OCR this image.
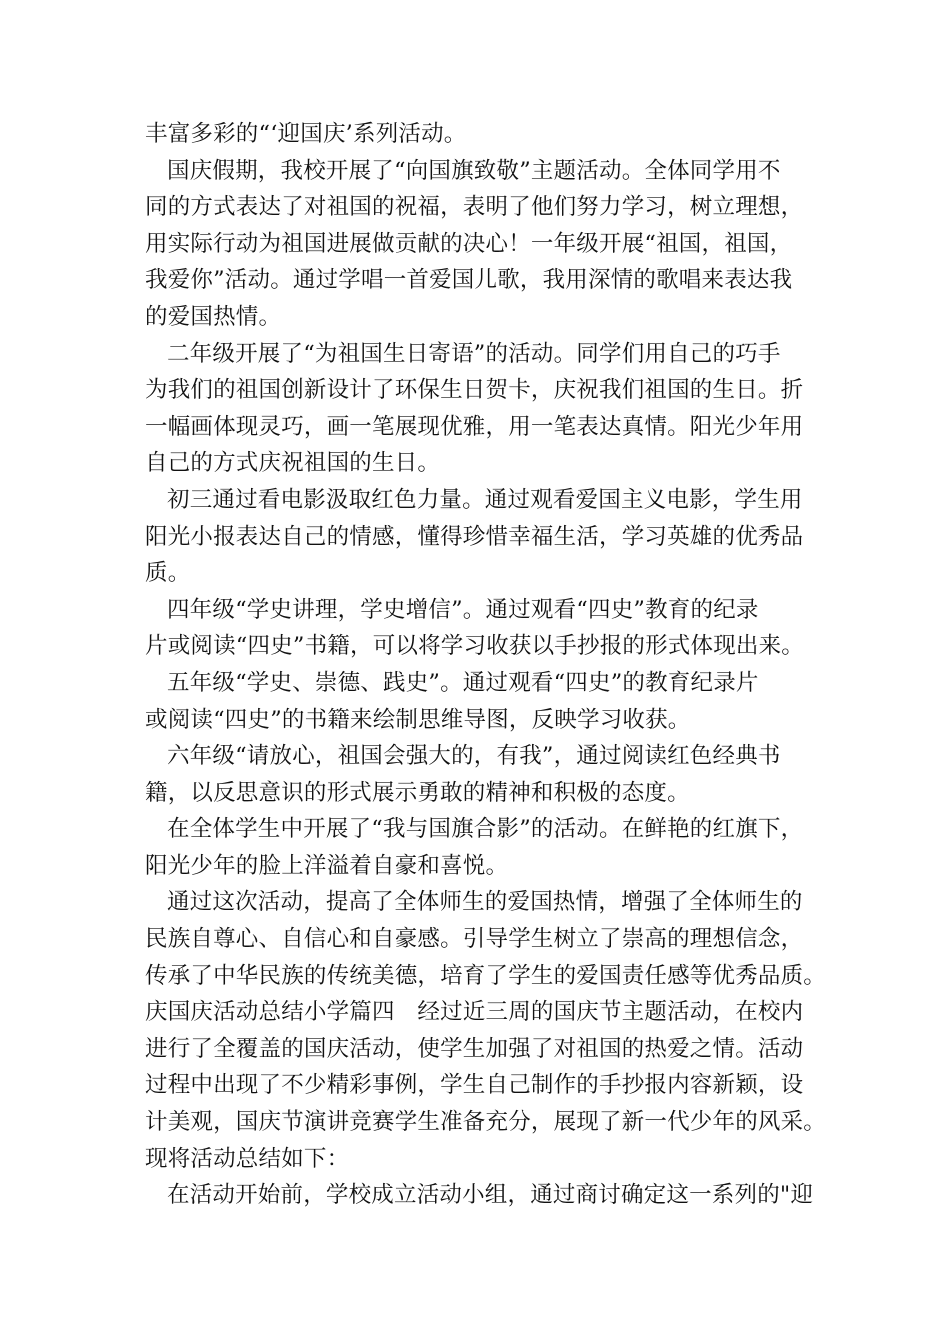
丰富多彩的“‘迎国庆’系列活动。
国庆假期，我校开展了“向国旗致敬”主题活动。全体同学用不
同的方式表达了对祖国的祝福，表明了他们努力学习，树立理想，
用实际行动为祖国进展做贡献的决心！一年级开展“祖国，祖国，
我爱你”活动。通过学唱一首爱国儿歌，我用深情的歌唱来表达我
的爱国热情。
二年级开展了“为祖国生日寄语”的活动。同学们用自己的巧手
为我们的祖国创新设计了环保生日贺卡，庆祝我们祖国的生日。折
一幅画体现灵巧，画一笔展现优雅，用一笔表达真情。阳光少年用
自己的方式庆祝祖国的生日。
初三通过看电影汲取红色力量。通过观看爱国主义电影，学生用
阳光小报表达自己的情感，懂得珍惜幸福生活，学习英雄的优秀品
质。
四年级“学史讲理，学史增信”。通过观看“四史”教育的纪录
片或阅读“四史”书籍，可以将学习收获以手抄报的形式体现出来。
五年级“学史、崇德、践史”。通过观看“四史”的教育纪录片
或阅读“四史”的书籍来绘制思维导图，反映学习收获。
六年级“请放心，祖国会强大的，有我”，通过阅读红色经典书
籍，以反思意识的形式展示勇敢的精神和积极的态度。
在全体学生中开展了“我与国旗合影”的活动。在鲜艳的红旗下，
阳光少年的脸上洋溢着自豪和喜悦。
通过这次活动，提高了全体师生的爱国热情，增强了全体师生的
民族自尊心、自信心和自豪感。引导学生树立了崇高的理想信念，
传承了中华民族的传统美德，培育了学生的爱国责任感等优秀品质。
庆国庆活动总结小学篇四　经过近三周的国庆节主题活动，在校内
进行了全覆盖的国庆活动，使学生加强了对祖国的热爱之情。活动
过程中出现了不少精彩事例，学生自己制作的手抄报内容新颖，设
计美观，国庆节演讲竞赛学生准备充分，展现了新一代少年的风采。
现将活动总结如下：
在活动开始前，学校成立活动小组，通过商讨确定这一系列的"迎
